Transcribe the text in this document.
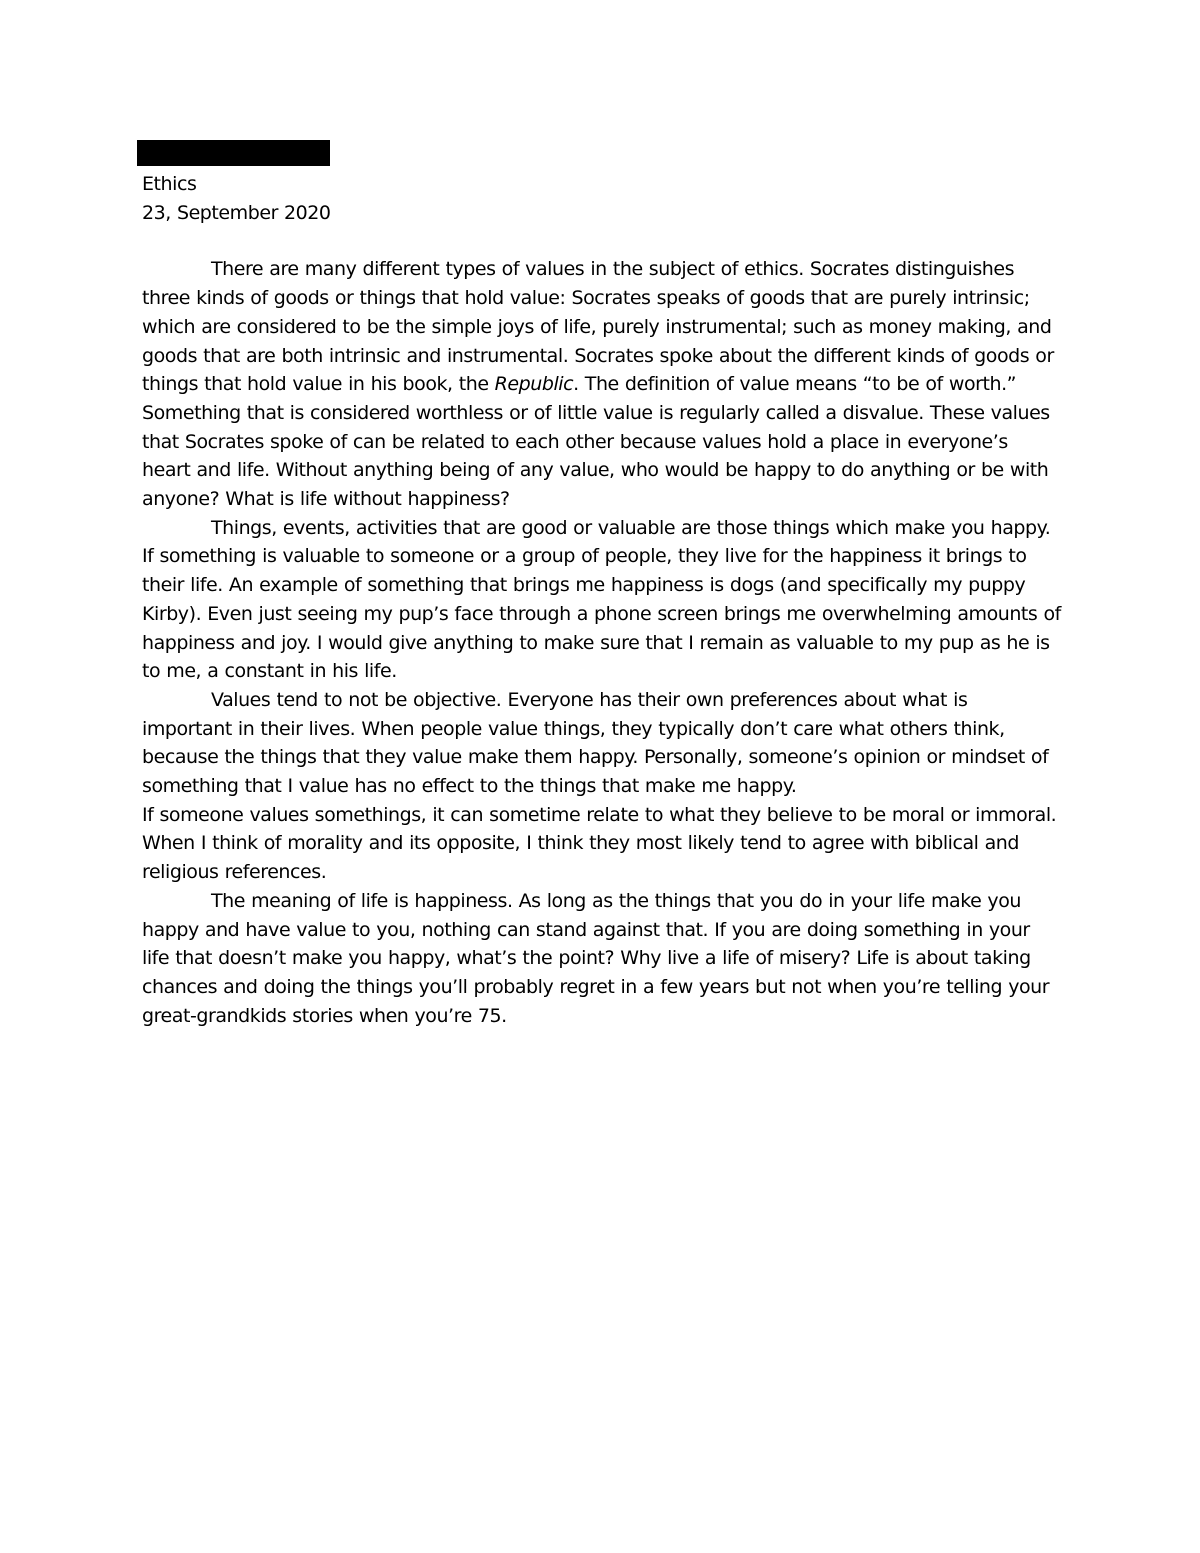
Ethics
23, September 2020

There are many different types of values in the subject of ethics. Socrates distinguishes three kinds of goods or things that hold value: Socrates speaks of goods that are purely intrinsic; which are considered to be the simple joys of life, purely instrumental; such as money making, and goods that are both intrinsic and instrumental. Socrates spoke about the different kinds of goods or things that hold value in his book, the Republic. The definition of value means “to be of worth.” Something that is considered worthless or of little value is regularly called a disvalue. These values that Socrates spoke of can be related to each other because values hold a place in everyone’s heart and life. Without anything being of any value, who would be happy to do anything or be with anyone? What is life without happiness?

Things, events, activities that are good or valuable are those things which make you happy. If something is valuable to someone or a group of people, they live for the happiness it brings to their life. An example of something that brings me happiness is dogs (and specifically my puppy Kirby). Even just seeing my pup’s face through a phone screen brings me overwhelming amounts of happiness and joy. I would give anything to make sure that I remain as valuable to my pup as he is to me, a constant in his life.

Values tend to not be objective. Everyone has their own preferences about what is important in their lives. When people value things, they typically don’t care what others think, because the things that they value make them happy. Personally, someone’s opinion or mindset of something that I value has no effect to the things that make me happy.

If someone values somethings, it can sometime relate to what they believe to be moral or immoral. When I think of morality and its opposite, I think they most likely tend to agree with biblical and religious references.

The meaning of life is happiness. As long as the things that you do in your life make you happy and have value to you, nothing can stand against that. If you are doing something in your life that doesn’t make you happy, what’s the point? Why live a life of misery? Life is about taking chances and doing the things you’ll probably regret in a few years but not when you’re telling your great-grandkids stories when you’re 75.
